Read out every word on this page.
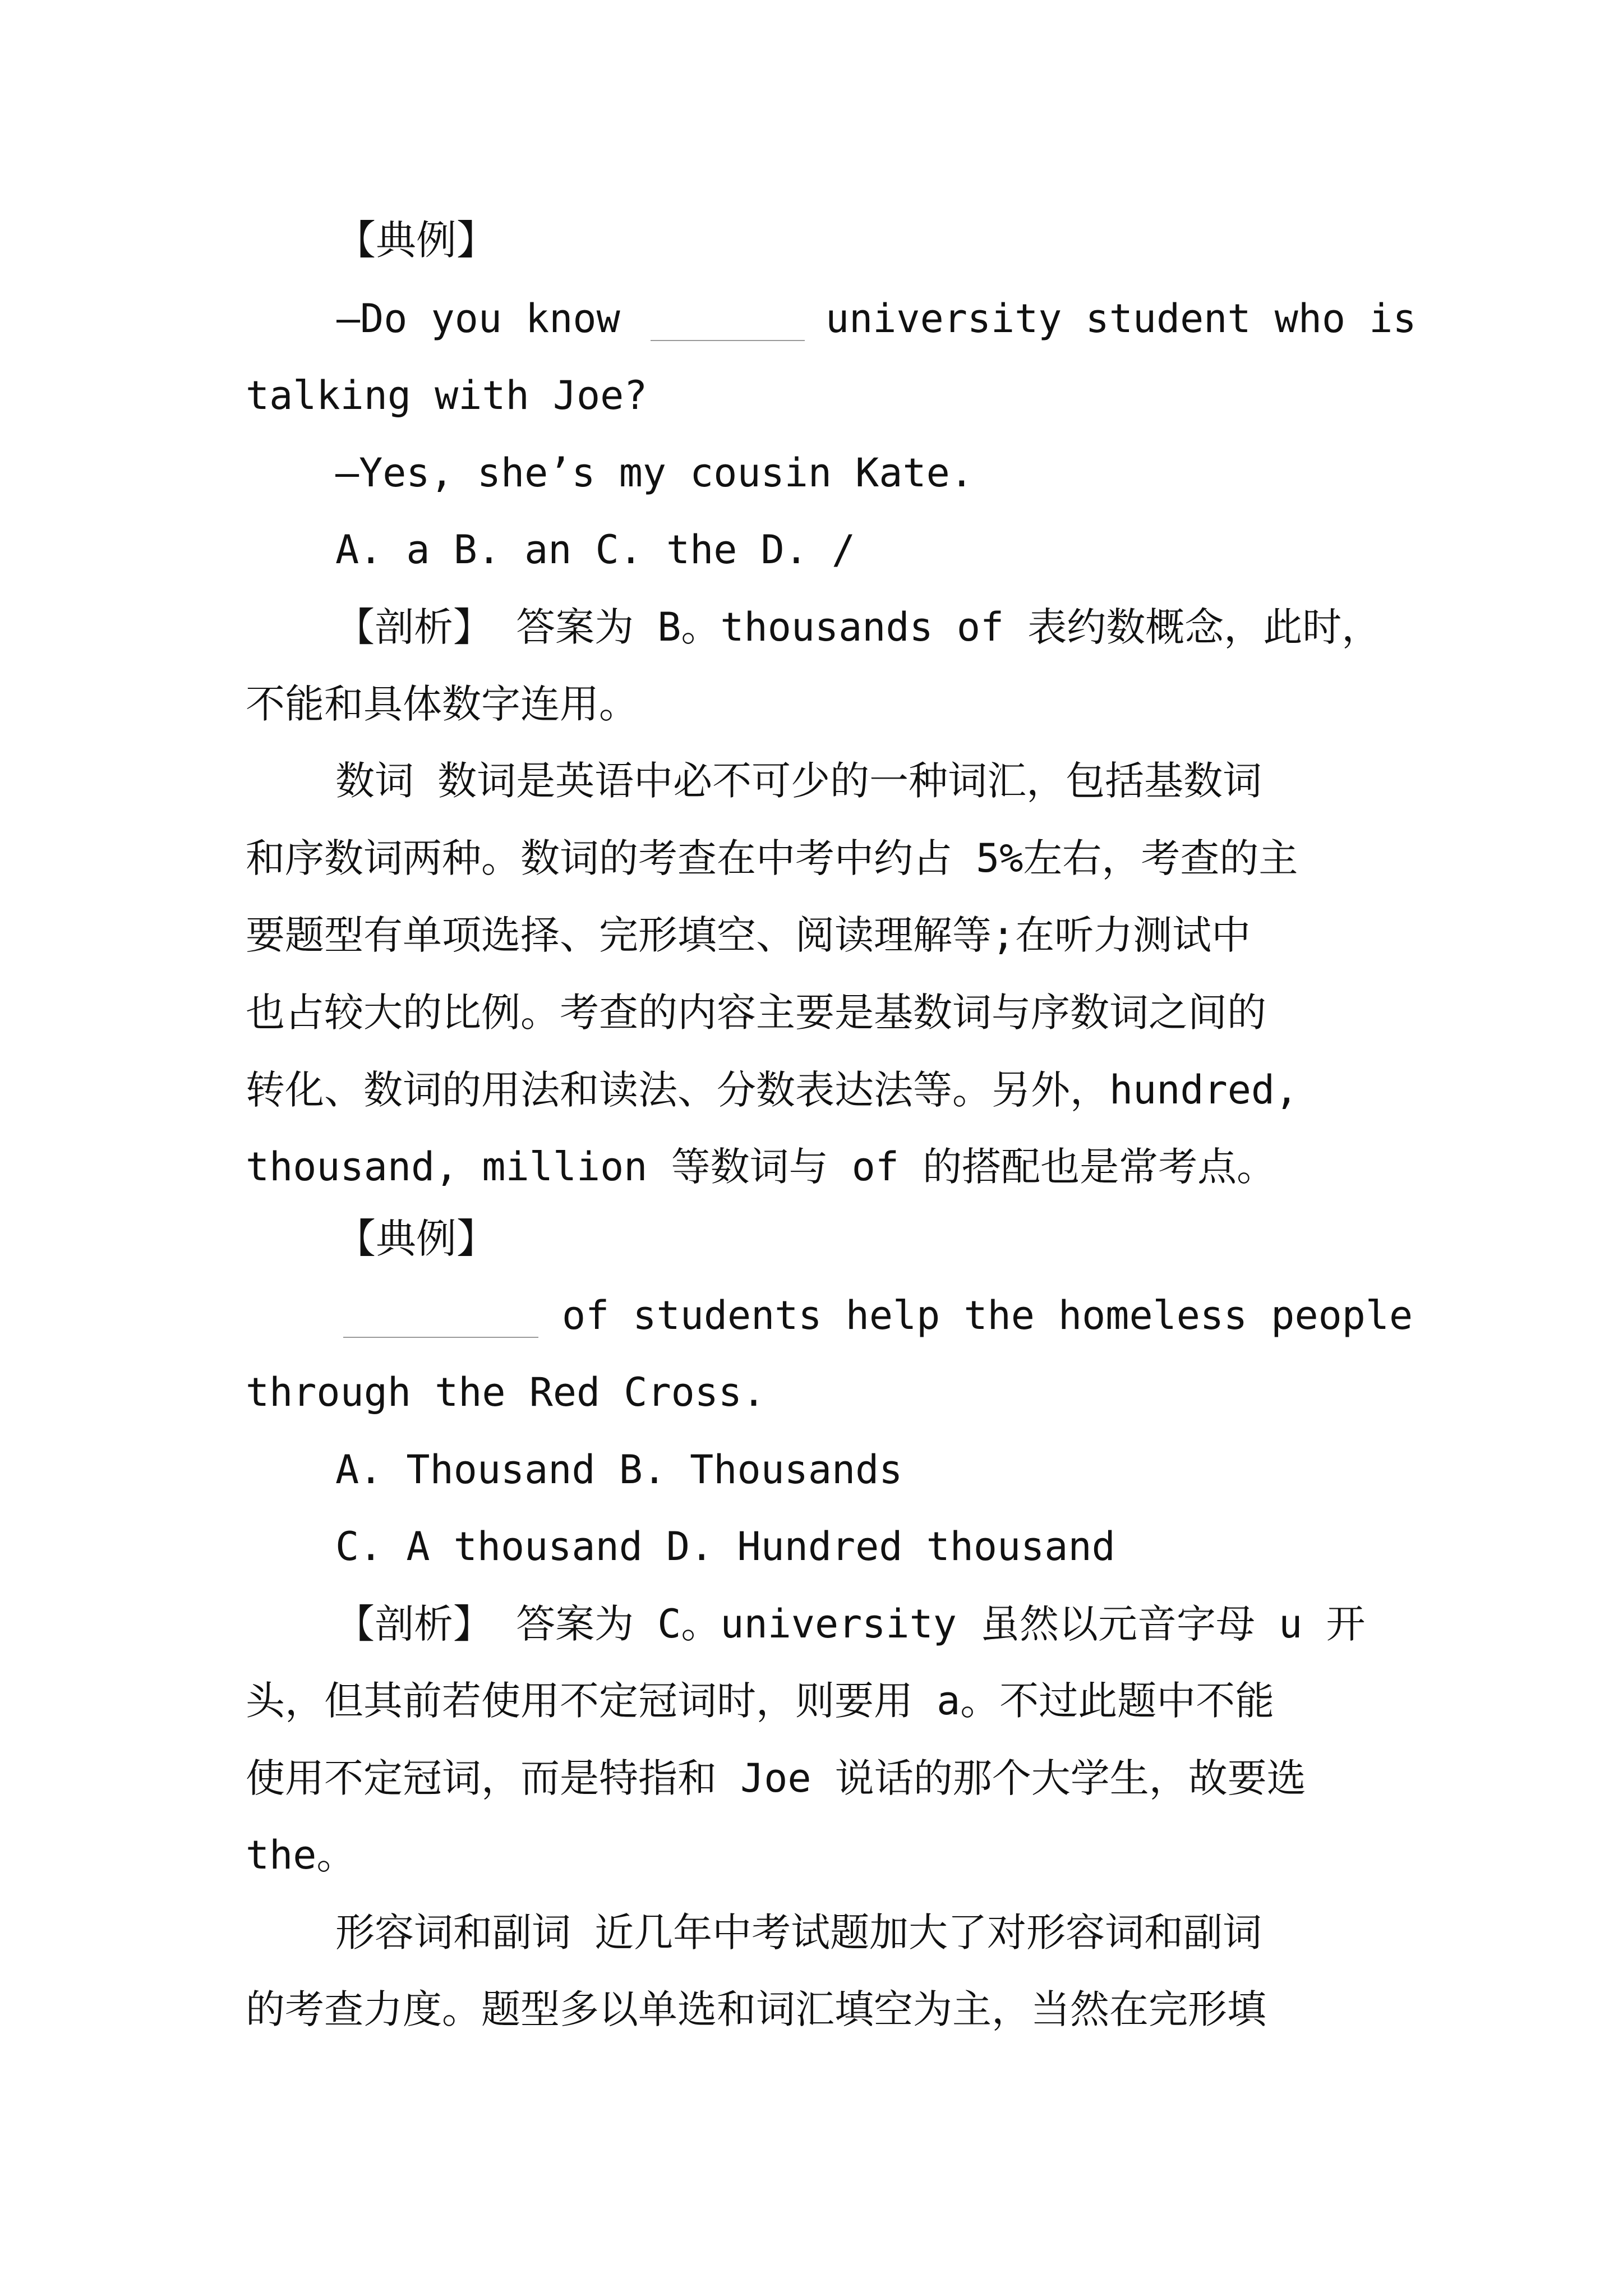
【典例】
—Do you know	university student who is
talking with Joe?
—Yes, she’s my cousin Kate.
A. a B. an C. the D. /
【剖析】 答案为 B。thousands of 表约数概念，此时，
不能和具体数字连用。
数词 数词是英语中必不可少的一种词汇，包括基数词
和序数词两种。数词的考查在中考中约占 5%左右，考查的主
要题型有单项选择、完形填空、阅读理解等;在听力测试中
也占较大的比例。考查的内容主要是基数词与序数词之间的
转化、数词的用法和读法、分数表达法等。另外，hundred,
thousand, million 等数词与 of 的搭配也是常考点。
【典例】
of students help the homeless people
through the Red Cross.
A. Thousand B. Thousands
C. A thousand D. Hundred thousand
【剖析】 答案为 C。university 虽然以元音字母 u 开
头，但其前若使用不定冠词时，则要用 a。不过此题中不能
使用不定冠词，而是特指和 Joe 说话的那个大学生，故要选
the。
形容词和副词 近几年中考试题加大了对形容词和副词
的考查力度。题型多以单选和词汇填空为主，当然在完形填
